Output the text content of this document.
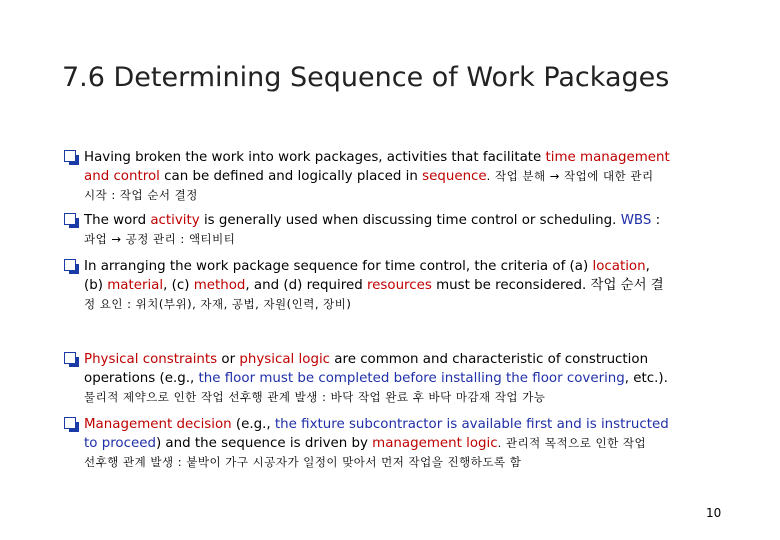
7.6 Determining Sequence of Work Packages
Having broken the work into work packages, activities that facilitate time management
and control can be defined and logically placed in sequence. 작업 분해 → 작업에 대한 관리
시작 : 작업 순서 결정
The word activity is generally used when discussing time control or scheduling. WBS :
과업 → 공정 관리 : 액티비티
In arranging the work package sequence for time control, the criteria of (a) location,
(b) material, (c) method, and (d) required resources must be reconsidered. 작업 순서 결
정 요인 : 위치(부위), 자재, 공법, 자원(인력, 장비)
Physical constraints or physical logic are common and characteristic of construction
operations (e.g., the floor must be completed before installing the floor covering, etc.).
물리적 제약으로 인한 작업 선후행 관계 발생 : 바닥 작업 완료 후 바닥 마감재 작업 가능
Management decision (e.g., the fixture subcontractor is available first and is instructed
to proceed) and the sequence is driven by management logic. 관리적 목적으로 인한 작업
선후행 관계 발생 : 붙박이 가구 시공자가 일정이 맞아서 먼저 작업을 진행하도록 함
10
